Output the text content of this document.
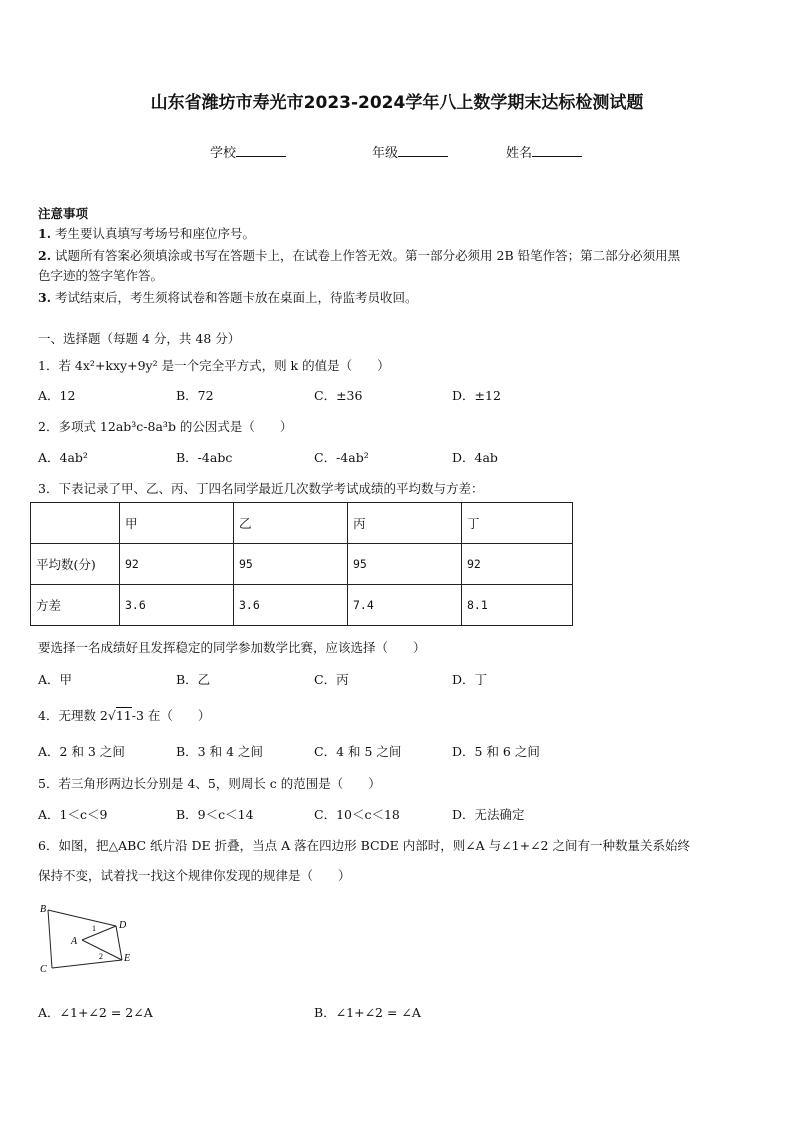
山东省潍坊市寿光市2023-2024学年八上数学期末达标检测试题
学校	年级	姓名
注意事项
1. 考生要认真填写考场号和座位序号。
2. 试题所有答案必须填涂或书写在答题卡上，在试卷上作答无效。第一部分必须用 2B 铅笔作答；第二部分必须用黑
色字迹的签字笔作答。
3. 考试结束后，考生须将试卷和答题卡放在桌面上，待监考员收回。
一、选择题（每题 4 分，共 48 分）
1．若 4x²+kxy+9y² 是一个完全平方式，则 k 的值是（　　）
A．12	B．72	C．±36	D．±12
2．多项式 12ab³c-8a³b 的公因式是（　　）
A．4ab²	B．-4abc	C．-4ab²	D．4ab
3．下表记录了甲、乙、丙、丁四名同学最近几次数学考试成绩的平均数与方差：
	甲	乙	丙	丁
平均数(分)	92	95	95	92
方差	3.6	3.6	7.4	8.1
要选择一名成绩好且发挥稳定的同学参加数学比赛，应该选择（　　）
A．甲	B．乙	C．丙	D．丁
4．无理数 2√11-3 在（　　）
A．2 和 3 之间	B．3 和 4 之间	C．4 和 5 之间	D．5 和 6 之间
5．若三角形两边长分别是 4、5，则周长 c 的范围是（　　）
A．1＜c＜9	B．9＜c＜14	C．10＜c＜18	D．无法确定
6．如图，把△ABC 纸片沿 DE 折叠，当点 A 落在四边形 BCDE 内部时，则∠A 与∠1+∠2 之间有一种数量关系始终
保持不变，试着找一找这个规律你发现的规律是（　　）
B
C
D
E
A
1
2
A．∠1+∠2 = 2∠A	B．∠1+∠2 = ∠A
